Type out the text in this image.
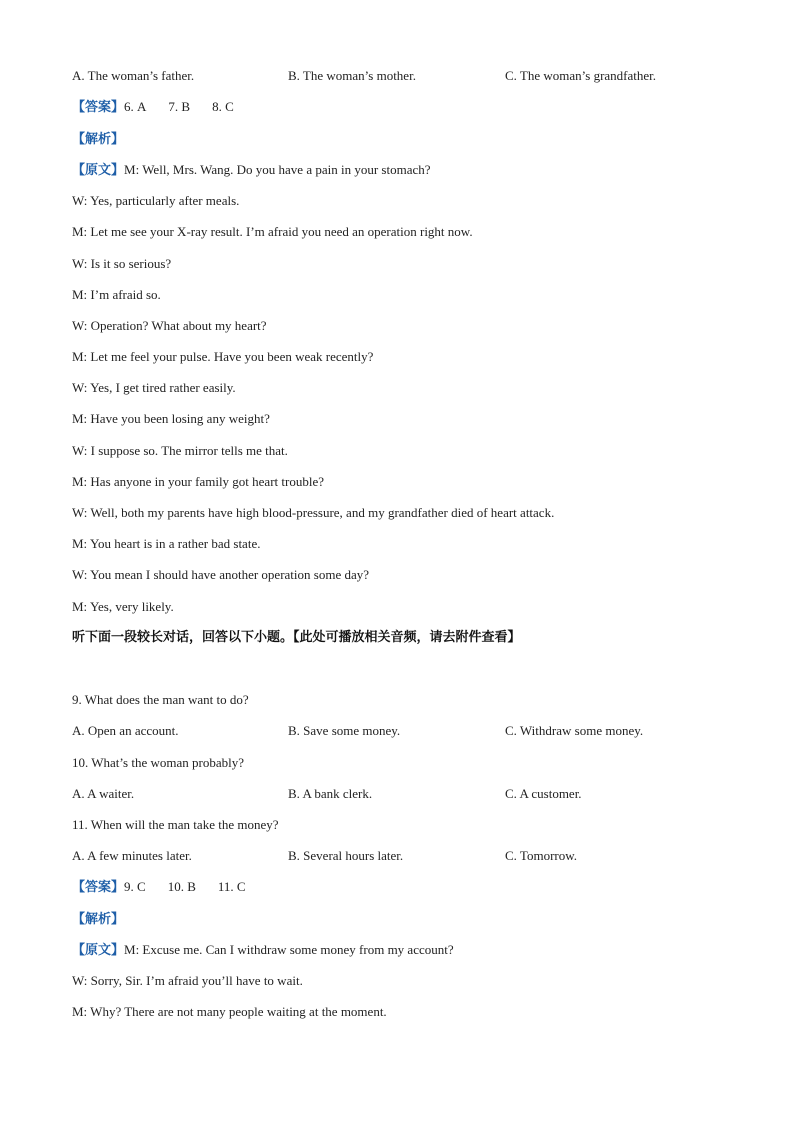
A. The woman’s father.	B. The woman’s mother.	C. The woman’s grandfather.
【答案】6. A 7. B 8. C
【解析】
【原文】M: Well, Mrs. Wang. Do you have a pain in your stomach?
W: Yes, particularly after meals.
M: Let me see your X-ray result. I’m afraid you need an operation right now.
W: Is it so serious?
M: I’m afraid so.
W: Operation? What about my heart?
M: Let me feel your pulse. Have you been weak recently?
W: Yes, I get tired rather easily.
M: Have you been losing any weight?
W: I suppose so. The mirror tells me that.
M: Has anyone in your family got heart trouble?
W: Well, both my parents have high blood-pressure, and my grandfather died of heart attack.
M: You heart is in a rather bad state.
W: You mean I should have another operation some day?
M: Yes, very likely.
听下面一段较长对话，回答以下小题。【此处可播放相关音频，请去附件查看】
9. What does the man want to do?
A. Open an account.	B. Save some money.	C. Withdraw some money.
10. What’s the woman probably?
A. A waiter.	B. A bank clerk.	C. A customer.
11. When will the man take the money?
A. A few minutes later.	B. Several hours later.	C. Tomorrow.
【答案】9. C 10. B 11. C
【解析】
【原文】M: Excuse me. Can I withdraw some money from my account?
W: Sorry, Sir. I’m afraid you’ll have to wait.
M: Why? There are not many people waiting at the moment.
